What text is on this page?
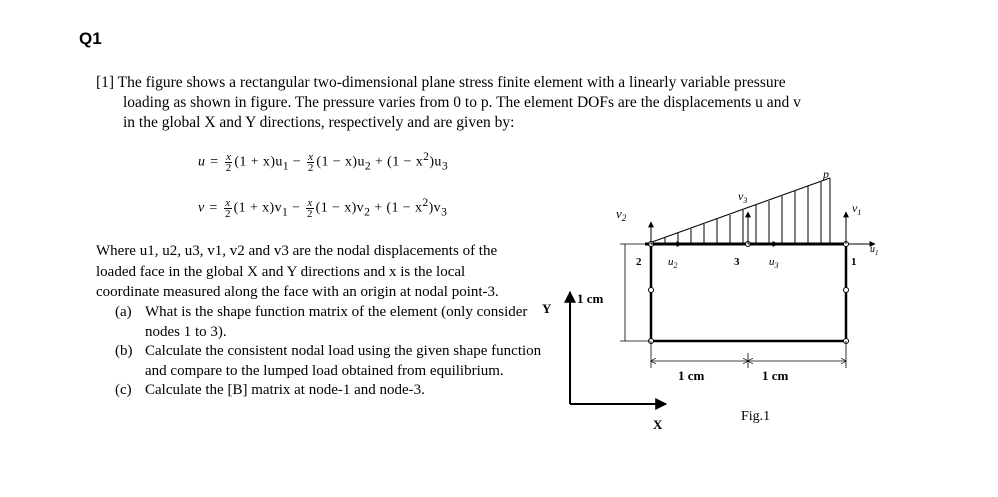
Q1
[1] The figure shows a rectangular two-dimensional plane stress finite element with a linearly variable pressure
loading as shown in figure. The pressure varies from 0 to p. The element DOFs are the displacements u and v
in the global X and Y directions, respectively and are given by:
$u = \frac{x}{2} (1 + x)u_1 - \frac{x}{2} (1 - x)u_2 + (1 - x^2)u_3$
$v = \frac{x}{2} (1 + x)v_1 - \frac{x}{2} (1 - x)v_2 + (1 - x^2)v_3$
Where u1, u2, u3, v1, v2 and v3 are the nodal displacements of the
loaded face in the global X and Y directions and x is the local
coordinate measured along the face with an origin at nodal point-3.
(a) What is the shape function matrix of the element (only consider nodes 1 to 3).
(b) Calculate the consistent nodal load using the given shape function and compare to the lumped load obtained from equilibrium.
(c) Calculate the [B] matrix at node-1 and node-3.
p
$v_2$
$v_3$
$v_1$
$u_2$	$u_3$
$u_1$
2	3	1
1 cm
1 cm	1 cm
Y
X
Fig.1
